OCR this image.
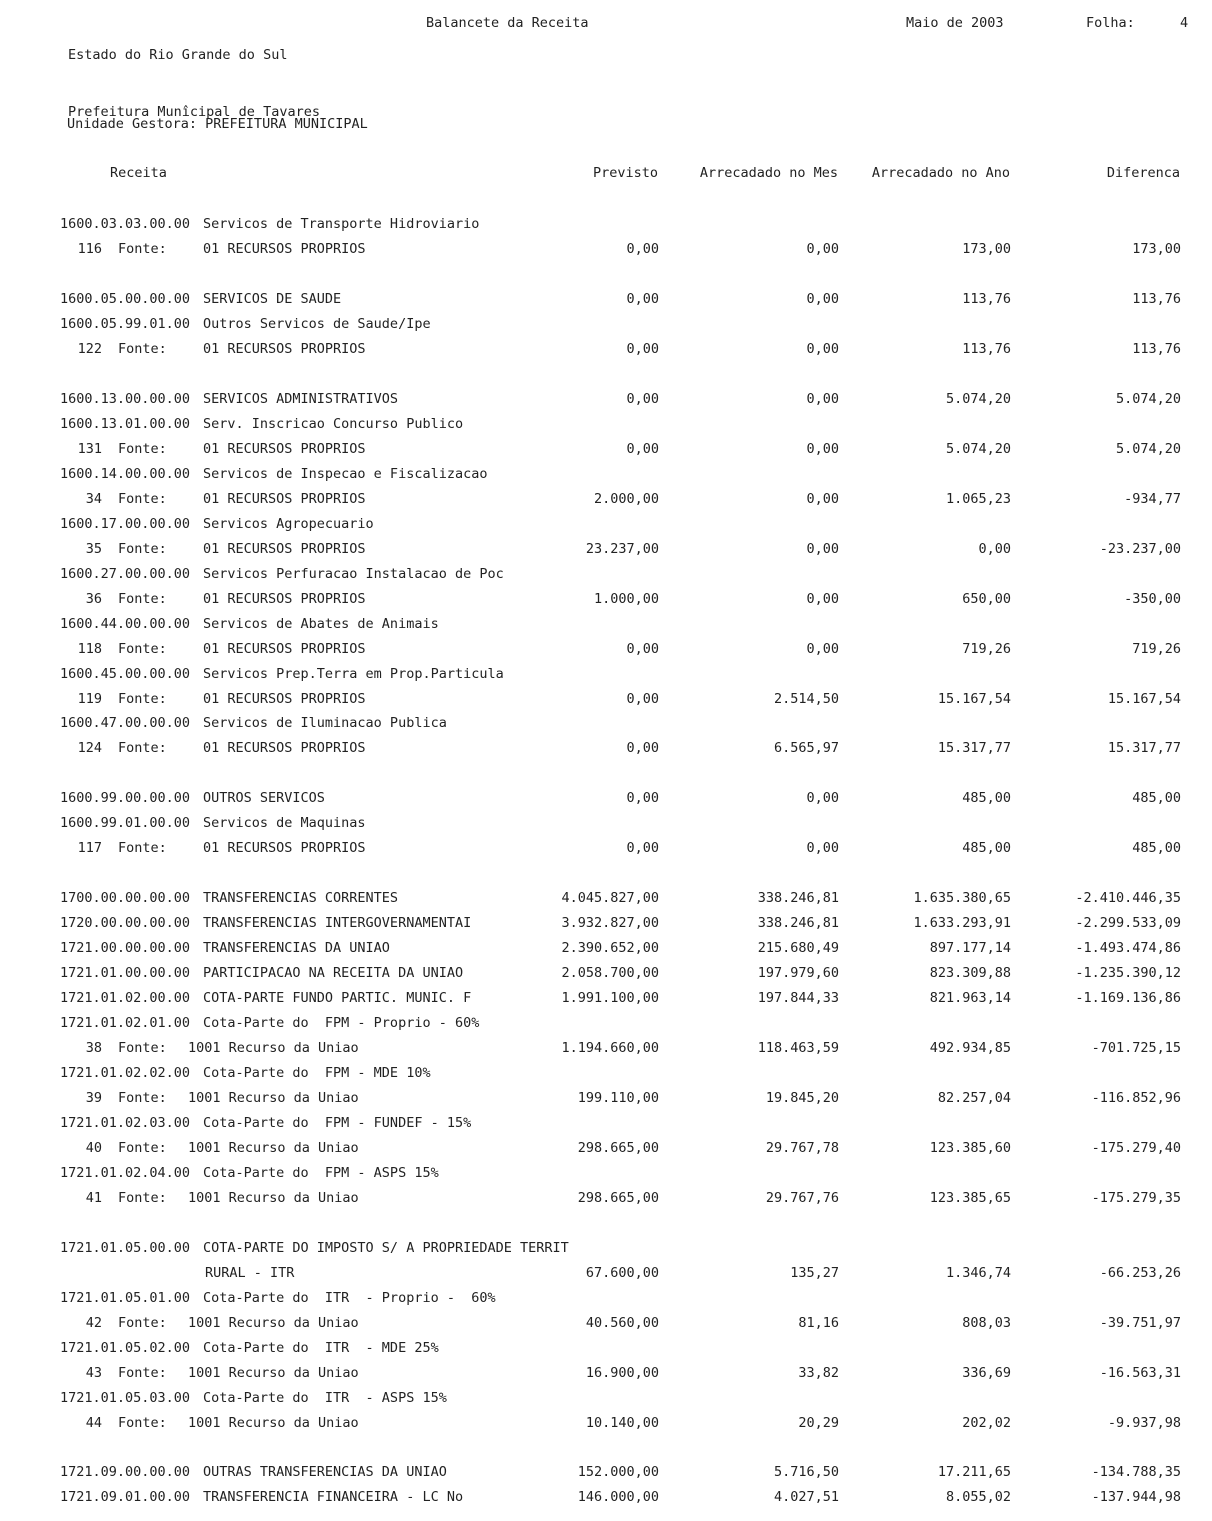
Estado do Rio Grande do Sul

Prefeitura Munîcipal de Tavares

Balancete da Receita	Maio de 2003	Folha:	4
Unidade Gestora: PREFEITURA MUNICIPAL
Receita	Previsto	Arrecadado no Mes	Arrecadado no Ano	Diferenca
1600.03.03.00.00 Servicos de Transporte Hidroviario
116 Fonte:	01 RECURSOS PROPRIOS	0,00	0,00	173,00	173,00
1600.05.00.00.00 SERVICOS DE SAUDE	0,00	0,00	113,76	113,76
1600.05.99.01.00 Outros Servicos de Saude/Ipe
122 Fonte:	01 RECURSOS PROPRIOS	0,00	0,00	113,76	113,76
1600.13.00.00.00 SERVICOS ADMINISTRATIVOS	0,00	0,00	5.074,20	5.074,20
1600.13.01.00.00 Serv. Inscricao Concurso Publico
131 Fonte:	01 RECURSOS PROPRIOS	0,00	0,00	5.074,20	5.074,20
1600.14.00.00.00 Servicos de Inspecao e Fiscalizacao
34 Fonte:	01 RECURSOS PROPRIOS	2.000,00	0,00	1.065,23	-934,77
1600.17.00.00.00 Servicos Agropecuario
35 Fonte:	01 RECURSOS PROPRIOS	23.237,00	0,00	0,00	-23.237,00
1600.27.00.00.00 Servicos Perfuracao Instalacao de Poc
36 Fonte:	01 RECURSOS PROPRIOS	1.000,00	0,00	650,00	-350,00
1600.44.00.00.00 Servicos de Abates de Animais
118 Fonte:	01 RECURSOS PROPRIOS	0,00	0,00	719,26	719,26
1600.45.00.00.00 Servicos Prep.Terra em Prop.Particula
119 Fonte:	01 RECURSOS PROPRIOS	0,00	2.514,50	15.167,54	15.167,54
1600.47.00.00.00 Servicos de Iluminacao Publica
124 Fonte:	01 RECURSOS PROPRIOS	0,00	6.565,97	15.317,77	15.317,77
1600.99.00.00.00 OUTROS SERVICOS	0,00	0,00	485,00	485,00
1600.99.01.00.00 Servicos de Maquinas
117 Fonte:	01 RECURSOS PROPRIOS	0,00	0,00	485,00	485,00
1700.00.00.00.00 TRANSFERENCIAS CORRENTES	4.045.827,00	338.246,81	1.635.380,65	-2.410.446,35
1720.00.00.00.00 TRANSFERENCIAS INTERGOVERNAMENTAI	3.932.827,00	338.246,81	1.633.293,91	-2.299.533,09
1721.00.00.00.00 TRANSFERENCIAS DA UNIAO	2.390.652,00	215.680,49	897.177,14	-1.493.474,86
1721.01.00.00.00 PARTICIPACAO NA RECEITA DA UNIAO	2.058.700,00	197.979,60	823.309,88	-1.235.390,12
1721.01.02.00.00 COTA-PARTE FUNDO PARTIC. MUNIC. F	1.991.100,00	197.844,33	821.963,14	-1.169.136,86
1721.01.02.01.00 Cota-Parte do  FPM - Proprio - 60%
38 Fonte: 1001 Recurso da Uniao	1.194.660,00	118.463,59	492.934,85	-701.725,15
1721.01.02.02.00 Cota-Parte do  FPM - MDE 10%
39 Fonte: 1001 Recurso da Uniao	199.110,00	19.845,20	82.257,04	-116.852,96
1721.01.02.03.00 Cota-Parte do  FPM - FUNDEF - 15%
40 Fonte: 1001 Recurso da Uniao	298.665,00	29.767,78	123.385,60	-175.279,40
1721.01.02.04.00 Cota-Parte do  FPM - ASPS 15%
41 Fonte: 1001 Recurso da Uniao	298.665,00	29.767,76	123.385,65	-175.279,35
1721.01.05.00.00 COTA-PARTE DO IMPOSTO S/ A PROPRIEDADE TERRIT
RURAL - ITR	67.600,00	135,27	1.346,74	-66.253,26
1721.01.05.01.00 Cota-Parte do  ITR  - Proprio -  60%
42 Fonte: 1001 Recurso da Uniao	40.560,00	81,16	808,03	-39.751,97
1721.01.05.02.00 Cota-Parte do  ITR  - MDE 25%
43 Fonte: 1001 Recurso da Uniao	16.900,00	33,82	336,69	-16.563,31
1721.01.05.03.00 Cota-Parte do  ITR  - ASPS 15%
44 Fonte: 1001 Recurso da Uniao	10.140,00	20,29	202,02	-9.937,98
1721.09.00.00.00 OUTRAS TRANSFERENCIAS DA UNIAO	152.000,00	5.716,50	17.211,65	-134.788,35
1721.09.01.00.00 TRANSFERENCIA FINANCEIRA - LC No	146.000,00	4.027,51	8.055,02	-137.944,98
